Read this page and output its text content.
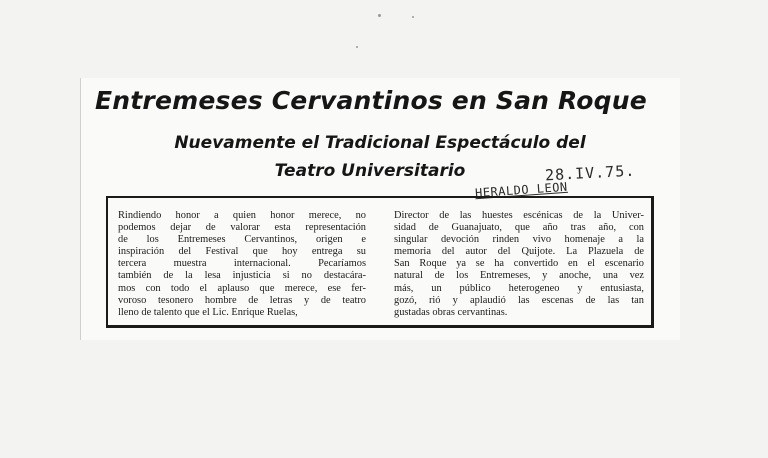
Entremeses Cervantinos en San Roque
Nuevamente el Tradicional Espectáculo del
Teatro Universitario	28.IV.75.
HERALDO LEON
Rindiendo honor a quien honor merece, no
podemos dejar de valorar esta representación
de los Entremeses Cervantinos, origen e
inspiración del Festival que hoy entrega su
tercera muestra internacional. Pecaríamos
también de la lesa injusticia si no destacára-
mos con todo el aplauso que merece, ese fer-
voroso tesonero hombre de letras y de teatro
lleno de talento que el Lic. Enrique Ruelas,
Director de las huestes escénicas de la Univer-
sidad de Guanajuato, que año tras año, con
singular devoción rinden vivo homenaje a la
memoria del autor del Quijote. La Plazuela de
San Roque ya se ha convertido en el escenario
natural de los Entremeses, y anoche, una vez
más, un público heterogeneo y entusiasta,
gozó, rió y aplaudió las escenas de las tan
gustadas obras cervantinas.
